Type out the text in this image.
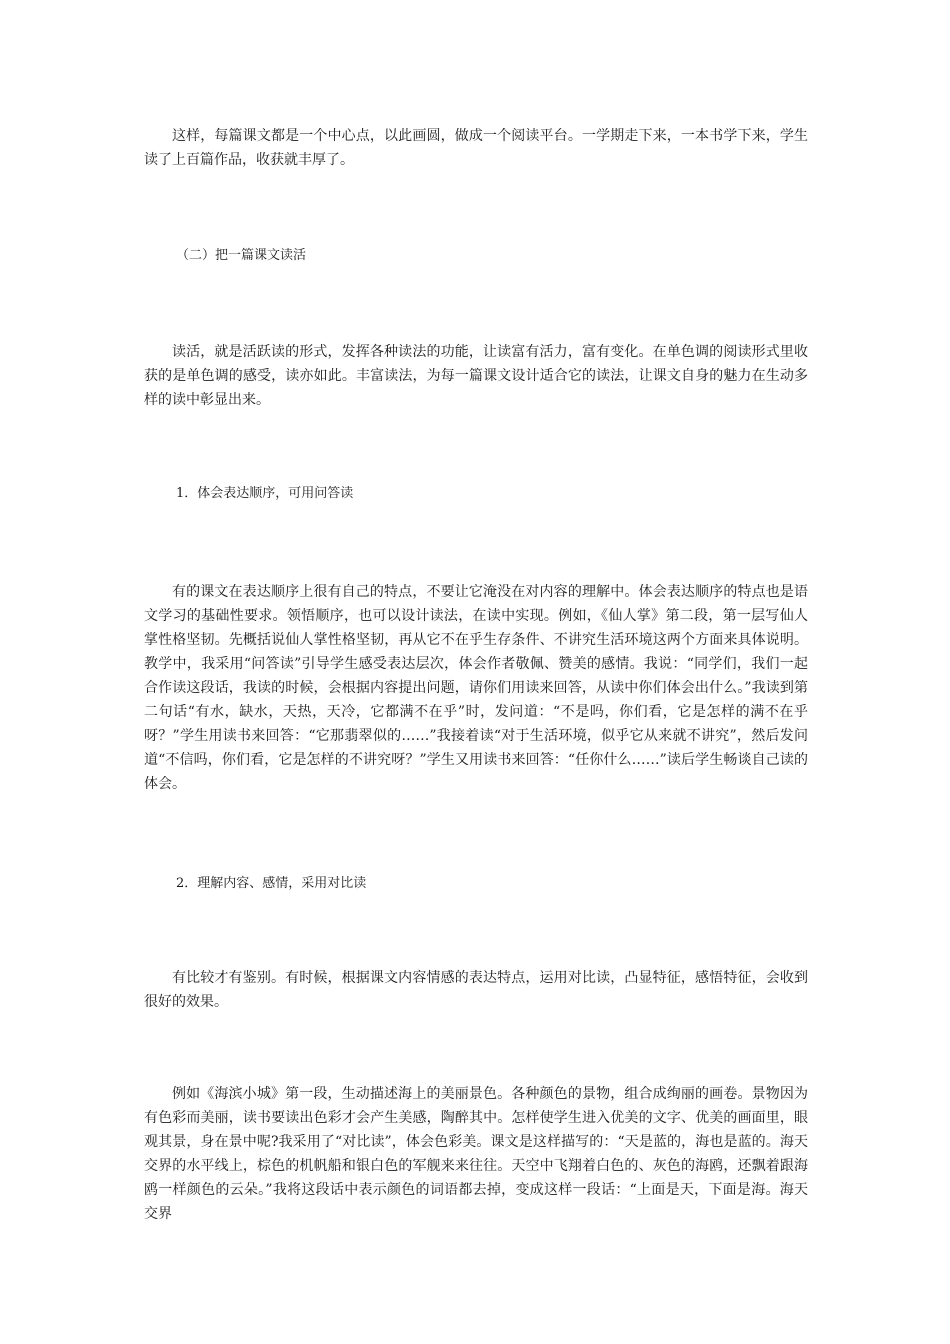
这样，每篇课文都是一个中心点，以此画圆，做成一个阅读平台。一学期走下来，一本书学下来，学生读了上百篇作品，收获就丰厚了。

（二）把一篇课文读活

读活，就是活跃读的形式，发挥各种读法的功能，让读富有活力，富有变化。在单色调的阅读形式里收获的是单色调的感受，读亦如此。丰富读法，为每一篇课文设计适合它的读法，让课文自身的魅力在生动多样的读中彰显出来。

1．体会表达顺序，可用问答读

有的课文在表达顺序上很有自己的特点，不要让它淹没在对内容的理解中。体会表达顺序的特点也是语文学习的基础性要求。领悟顺序，也可以设计读法，在读中实现。例如，《仙人掌》第二段，第一层写仙人掌性格坚韧。先概括说仙人掌性格坚韧，再从它不在乎生存条件、不讲究生活环境这两个方面来具体说明。教学中，我采用“问答读”引导学生感受表达层次，体会作者敬佩、赞美的感情。我说：“同学们，我们一起合作读这段话，我读的时候，会根据内容提出问题，请你们用读来回答，从读中你们体会出什么。”我读到第二句话“有水，缺水，天热，天冷，它都满不在乎”时，发问道：“不是吗，你们看，它是怎样的满不在乎呀？”学生用读书来回答：“它那翡翠似的……”我接着读“对于生活环境，似乎它从来就不讲究”，然后发问道“不信吗，你们看，它是怎样的不讲究呀？”学生又用读书来回答：“任你什么……”读后学生畅谈自己读的体会。

2．理解内容、感情，采用对比读

有比较才有鉴别。有时候，根据课文内容情感的表达特点，运用对比读，凸显特征，感悟特征，会收到很好的效果。

例如《海滨小城》第一段，生动描述海上的美丽景色。各种颜色的景物，组合成绚丽的画卷。景物因为有色彩而美丽，读书要读出色彩才会产生美感，陶醉其中。怎样使学生进入优美的文字、优美的画面里，眼观其景，身在景中呢?我采用了“对比读”，体会色彩美。课文是这样描写的：“天是蓝的，海也是蓝的。海天交界的水平线上，棕色的机帆船和银白色的军舰来来往往。天空中飞翔着白色的、灰色的海鸥，还飘着跟海鸥一样颜色的云朵。”我将这段话中表示颜色的词语都去掉，变成这样一段话：“上面是天，下面是海。海天交界
